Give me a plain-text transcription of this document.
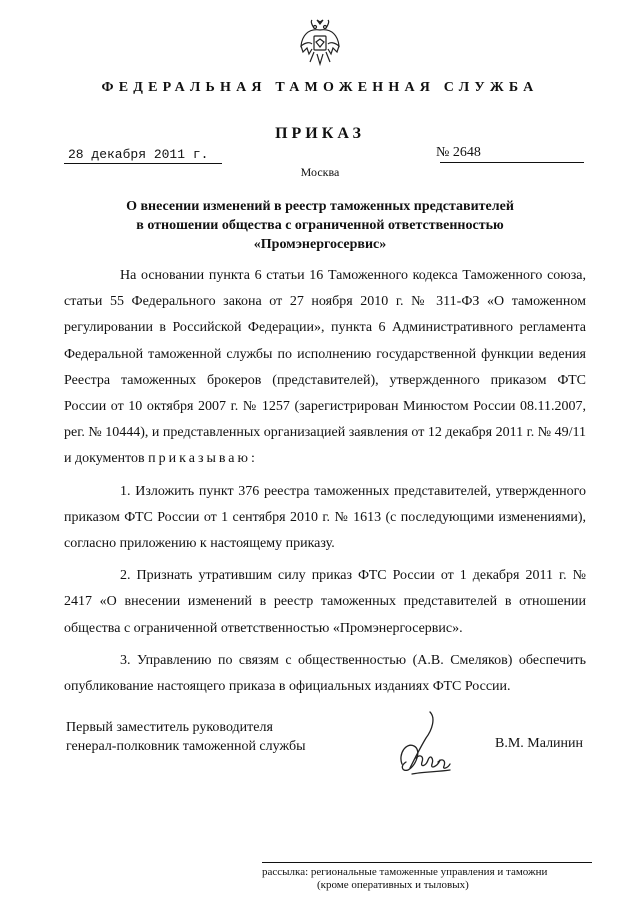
ФЕДЕРАЛЬНАЯ ТАМОЖЕННАЯ СЛУЖБА
ПРИКАЗ
28 декабря 2011 г.	№ 2648
Москва
О внесении изменений в реестр таможенных представителей
в отношении общества с ограниченной ответственностью
«Промэнергосервис»

На основании пункта 6 статьи 16 Таможенного кодекса Таможенного союза, статьи 55 Федерального закона от 27 ноября 2010 г. № 311-ФЗ «О таможенном регулировании в Российской Федерации», пункта 6 Административного регламента Федеральной таможенной службы по исполнению государственной функции ведения Реестра таможенных брокеров (представителей), утвержденного приказом ФТС России от 10 октября 2007 г. № 1257 (зарегистрирован Минюстом России 08.11.2007, рег. № 10444), и представленных организацией заявления от 12 декабря 2011 г. № 49/11 и документов приказываю:

1. Изложить пункт 376 реестра таможенных представителей, утвержденного приказом ФТС России от 1 сентября 2010 г. № 1613 (с последующими изменениями), согласно приложению к настоящему приказу.

2. Признать утратившим силу приказ ФТС России от 1 декабря 2011 г. № 2417 «О внесении изменений в реестр таможенных представителей в отношении общества с ограниченной ответственностью «Промэнергосервис».

3. Управлению по связям с общественностью (А.В. Смеляков) обеспечить опубликование настоящего приказа в официальных изданиях ФТС России.

Первый заместитель руководителя
генерал-полковник таможенной службы	В.М. Малинин
рассылка: региональные таможенные управления и таможни
(кроме оперативных и тыловых)
